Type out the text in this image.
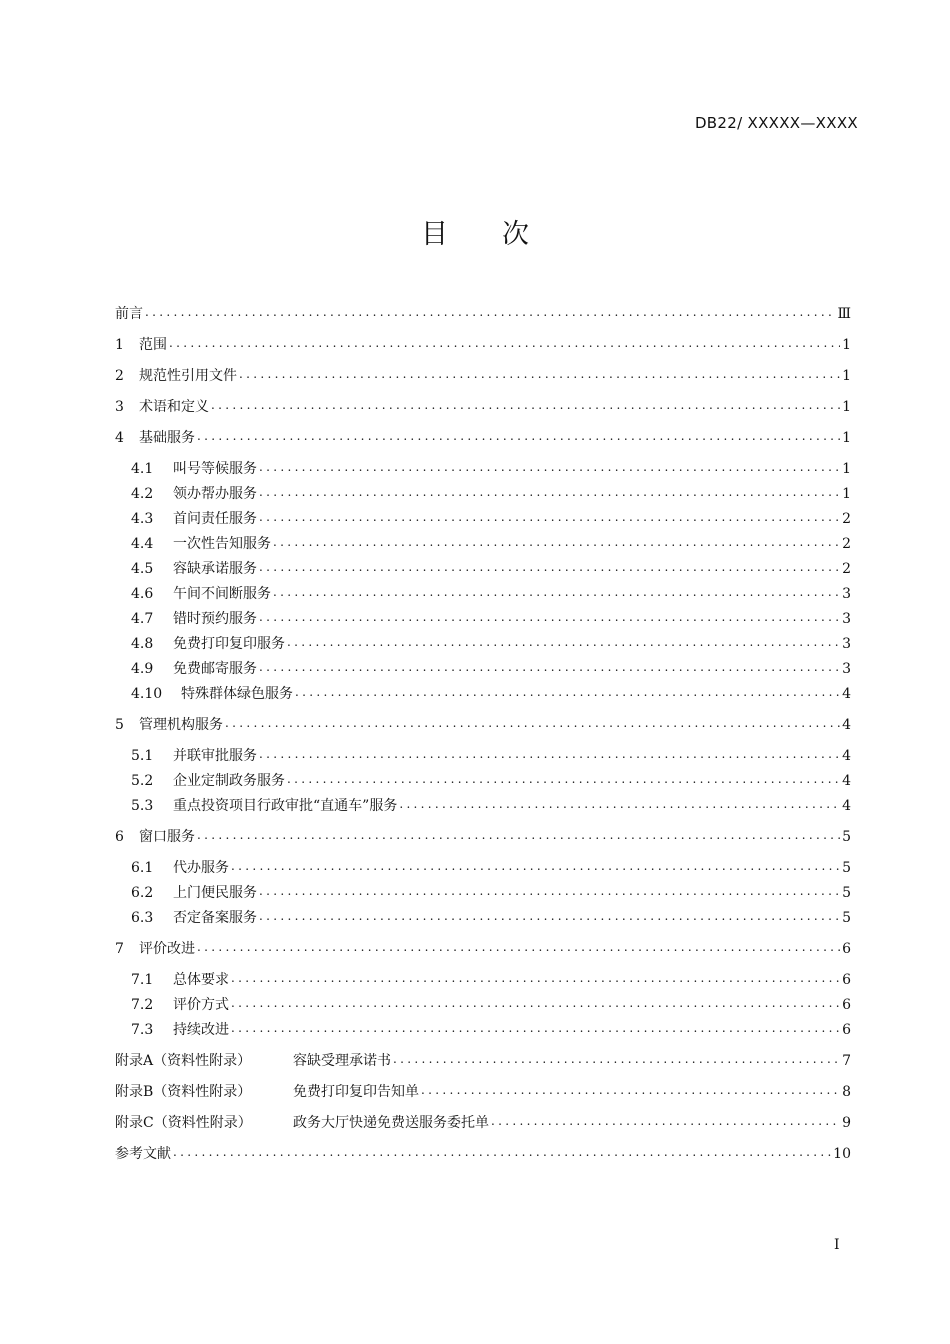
DB22/ XXXXX—XXXX
目 次
前言 .....	Ⅲ
1	范围 .....	1
2	规范性引用文件 .....	1
3	术语和定义 .....	1
4	基础服务 .....	1
4.1	叫号等候服务 .....	1
4.2	领办帮办服务 .....	1
4.3	首问责任服务 .....	2
4.4	一次性告知服务 .....	2
4.5	容缺承诺服务 .....	2
4.6	午间不间断服务 .....	3
4.7	错时预约服务 .....	3
4.8	免费打印复印服务 .....	3
4.9	免费邮寄服务 .....	3
4.10	特殊群体绿色服务 .....	4
5	管理机构服务 .....	4
5.1	并联审批服务 .....	4
5.2	企业定制政务服务 .....	4
5.3	重点投资项目行政审批“直通车”服务 .....	4
6	窗口服务 .....	5
6.1	代办服务 .....	5
6.2	上门便民服务 .....	5
6.3	否定备案服务 .....	5
7	评价改进 .....	6
7.1	总体要求 .....	6
7.2	评价方式 .....	6
7.3	持续改进 .....	6
附录A（资料性附录）	容缺受理承诺书 .....	7
附录B（资料性附录）	免费打印复印告知单 .....	8
附录C（资料性附录）	政务大厅快递免费送服务委托单 .....	9
参考文献 .....	10
I
